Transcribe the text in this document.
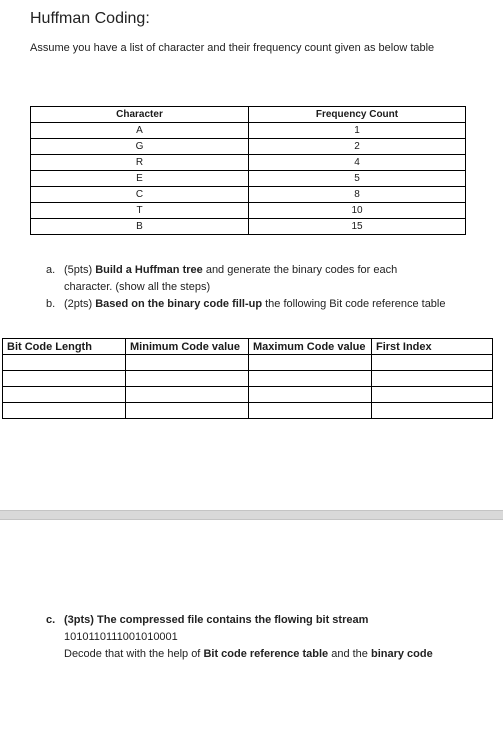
Huffman Coding:
Assume you have a list of character and their frequency count given as below table
Character	Frequency Count
A	1
G	2
R	4
E	5
C	8
T	10
B	15
a. (5pts) Build a Huffman tree and generate the binary codes for each character. (show all the steps)
b. (2pts) Based on the binary code fill-up the following Bit code reference table
Bit Code Length	Minimum Code value	Maximum Code value	First Index

c. (3pts) The compressed file contains the flowing bit stream
1010110111001010001
Decode that with the help of Bit code reference table and the binary code
